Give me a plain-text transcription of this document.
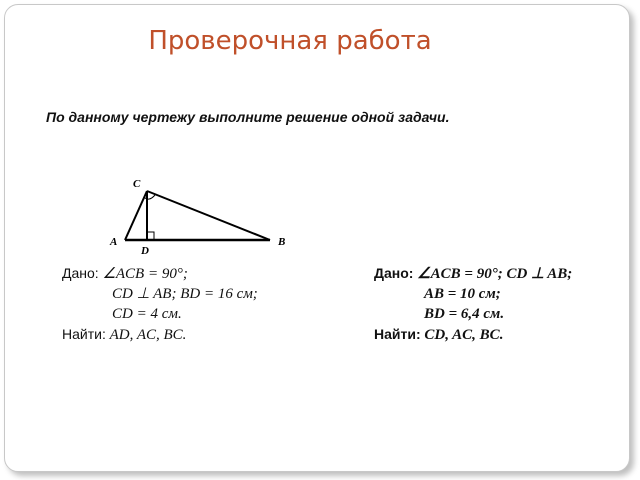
Проверочная работа
По данному чертежу выполните решение одной задачи.
C
A	B
D
Дано: ∠ACB = 90°;
CD ⊥ AB; BD = 16 см;
CD = 4 см.
Найти: AD, AC, BC.
Дано: ∠ACB = 90°; CD ⊥ AB;
AB = 10 см;
BD = 6,4 см.
Найти: CD, AC, BC.
